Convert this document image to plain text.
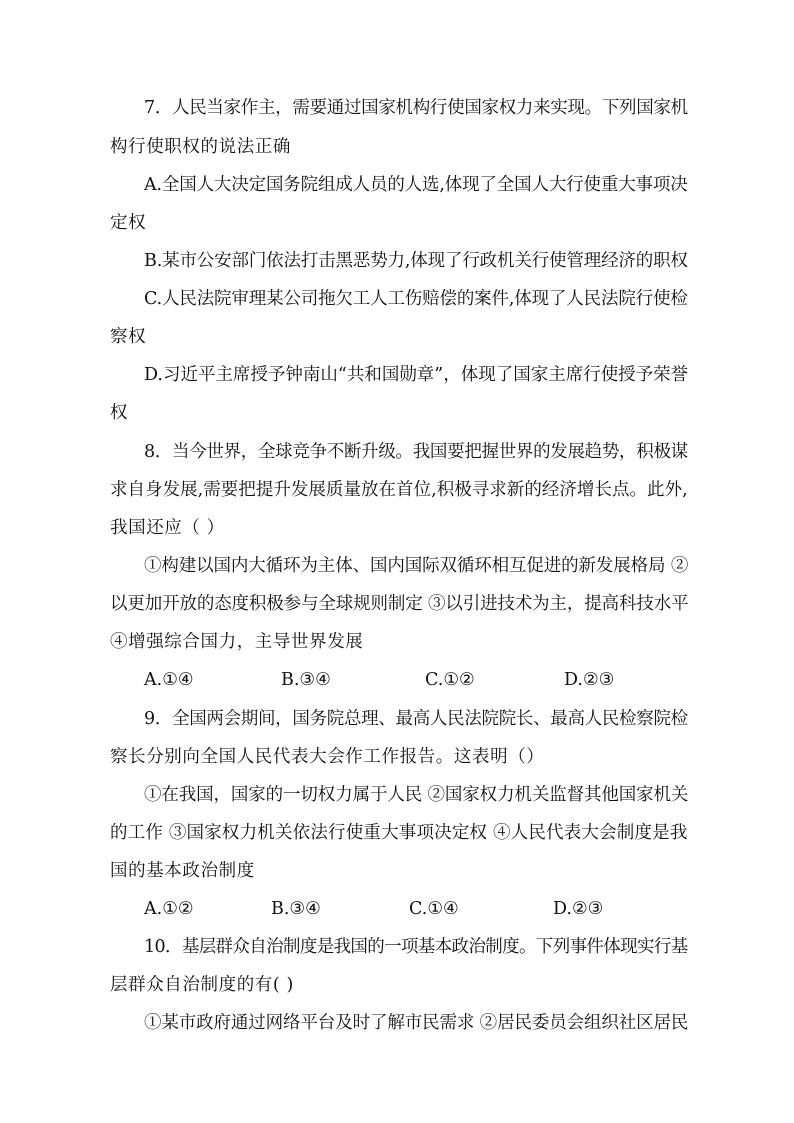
7．人民当家作主，需要通过国家机构行使国家权力来实现。下列国家机
构行使职权的说法正确
A.全国人大决定国务院组成人员的人选,体现了全国人大行使重大事项决
定权
B.某市公安部门依法打击黑恶势力,体现了行政机关行使管理经济的职权
C.人民法院审理某公司拖欠工人工伤赔偿的案件,体现了人民法院行使检
察权
D.习近平主席授予钟南山“共和国勋章”，体现了国家主席行使授予荣誉
权
8．当今世界，全球竞争不断升级。我国要把握世界的发展趋势，积极谋
求自身发展,需要把提升发展质量放在首位,积极寻求新的经济增长点。此外,
我国还应（ ）
①构建以国内大循环为主体、国内国际双循环相互促进的新发展格局 ②
以更加开放的态度积极参与全球规则制定 ③以引进技术为主，提高科技水平
④增强综合国力，主导世界发展
A.①④	B.③④	C.①②	D.②③
9．全国两会期间，国务院总理、最高人民法院院长、最高人民检察院检
察长分别向全国人民代表大会作工作报告。这表明（）
①在我国，国家的一切权力属于人民 ②国家权力机关监督其他国家机关
的工作 ③国家权力机关依法行使重大事项决定权 ④人民代表大会制度是我
国的基本政治制度
A.①②	B.③④	C.①④	D.②③
10．基层群众自治制度是我国的一项基本政治制度。下列事件体现实行基
层群众自治制度的有( )
①某市政府通过网络平台及时了解市民需求 ②居民委员会组织社区居民
